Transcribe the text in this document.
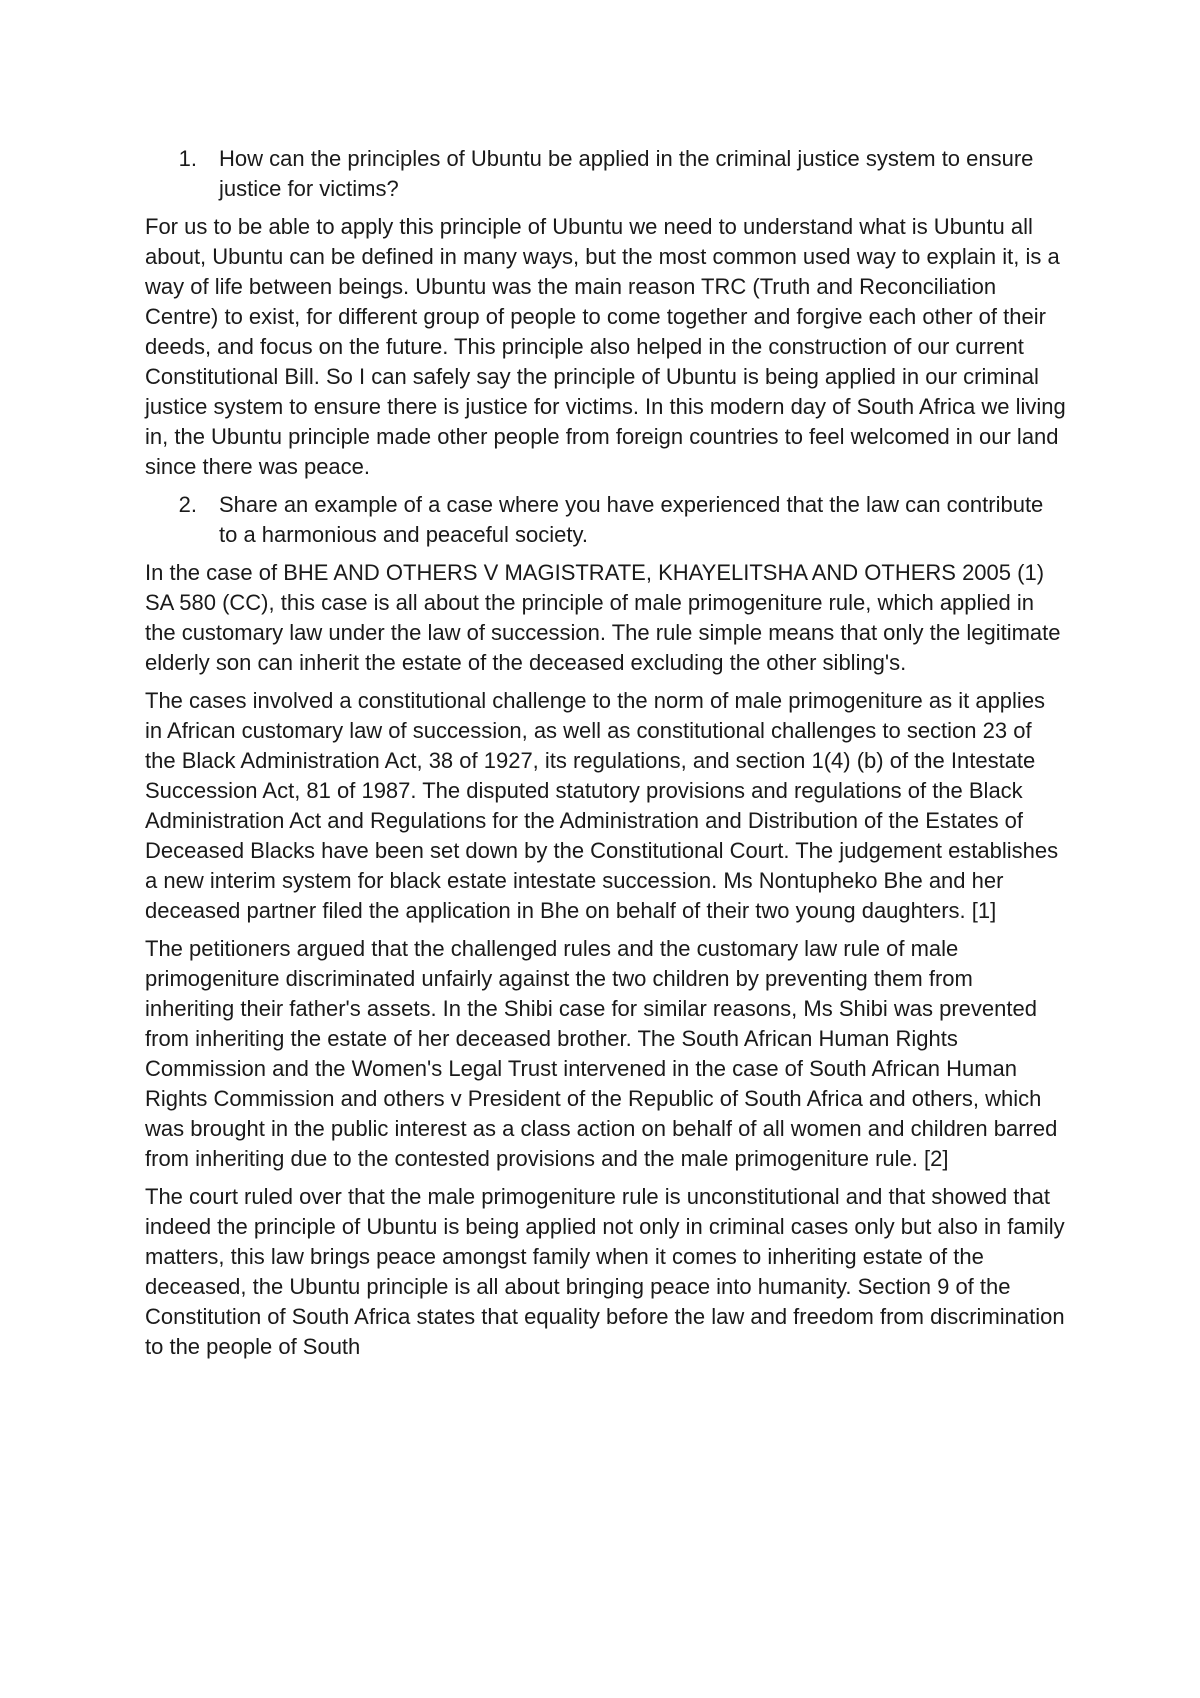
1.	How can the principles of Ubuntu be applied in the criminal justice system to ensure justice for victims?

For us to be able to apply this principle of Ubuntu we need to understand what is Ubuntu all about, Ubuntu can be defined in many ways, but the most common used way to explain it, is a way of life between beings. Ubuntu was the main reason TRC (Truth and Reconciliation Centre) to exist, for different group of people to come together and forgive each other of their deeds, and focus on the future. This principle also helped in the construction of our current Constitutional Bill. So I can safely say the principle of Ubuntu is being applied in our criminal justice system to ensure there is justice for victims. In this modern day of South Africa we living in, the Ubuntu principle made other people from foreign countries to feel welcomed in our land since there was peace.

2.	Share an example of a case where you have experienced that the law can contribute to a harmonious and peaceful society.

In the case of BHE AND OTHERS V MAGISTRATE, KHAYELITSHA AND OTHERS 2005 (1) SA 580 (CC), this case is all about the principle of male primogeniture rule, which applied in the customary law under the law of succession. The rule simple means that only the legitimate elderly son can inherit the estate of the deceased excluding the other sibling's.

The cases involved a constitutional challenge to the norm of male primogeniture as it applies in African customary law of succession, as well as constitutional challenges to section 23 of the Black Administration Act, 38 of 1927, its regulations, and section 1(4) (b) of the Intestate Succession Act, 81 of 1987. The disputed statutory provisions and regulations of the Black Administration Act and Regulations for the Administration and Distribution of the Estates of Deceased Blacks have been set down by the Constitutional Court. The judgement establishes a new interim system for black estate intestate succession. Ms Nontupheko Bhe and her deceased partner filed the application in Bhe on behalf of their two young daughters. [1]

The petitioners argued that the challenged rules and the customary law rule of male primogeniture discriminated unfairly against the two children by preventing them from inheriting their father's assets. In the Shibi case for similar reasons, Ms Shibi was prevented from inheriting the estate of her deceased brother. The South African Human Rights Commission and the Women's Legal Trust intervened in the case of South African Human Rights Commission and others v President of the Republic of South Africa and others, which was brought in the public interest as a class action on behalf of all women and children barred from inheriting due to the contested provisions and the male primogeniture rule. [2]

The court ruled over that the male primogeniture rule is unconstitutional and that showed that indeed the principle of Ubuntu is being applied not only in criminal cases only but also in family matters, this law brings peace amongst family when it comes to inheriting estate of the deceased, the Ubuntu principle is all about bringing peace into humanity. Section 9 of the Constitution of South Africa states that equality before the law and freedom from discrimination to the people of South
